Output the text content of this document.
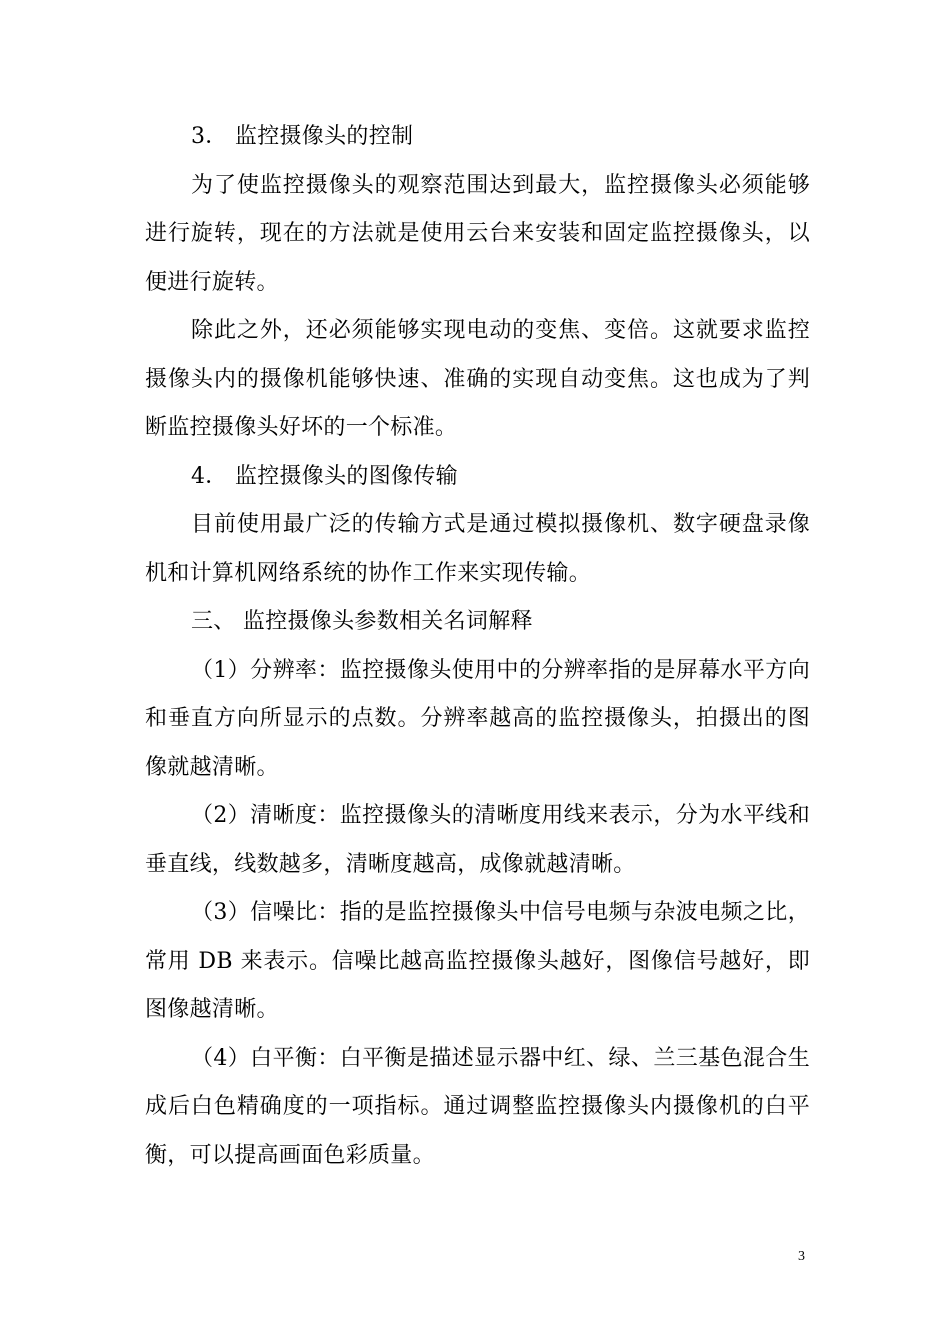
3． 监控摄像头的控制

为了使监控摄像头的观察范围达到最大，监控摄像头必须能够进行旋转，现在的方法就是使用云台来安装和固定监控摄像头，以便进行旋转。

除此之外，还必须能够实现电动的变焦、变倍。这就要求监控摄像头内的摄像机能够快速、准确的实现自动变焦。这也成为了判断监控摄像头好坏的一个标准。

4． 监控摄像头的图像传输

目前使用最广泛的传输方式是通过模拟摄像机、数字硬盘录像机和计算机网络系统的协作工作来实现传输。

三、 监控摄像头参数相关名词解释

（1）分辨率：监控摄像头使用中的分辨率指的是屏幕水平方向和垂直方向所显示的点数。分辨率越高的监控摄像头，拍摄出的图像就越清晰。

（2）清晰度：监控摄像头的清晰度用线来表示，分为水平线和垂直线，线数越多，清晰度越高，成像就越清晰。

（3）信噪比：指的是监控摄像头中信号电频与杂波电频之比，常用 DB 来表示。信噪比越高监控摄像头越好，图像信号越好，即图像越清晰。

（4）白平衡：白平衡是描述显示器中红、绿、兰三基色混合生成后白色精确度的一项指标。通过调整监控摄像头内摄像机的白平衡，可以提高画面色彩质量。

3
